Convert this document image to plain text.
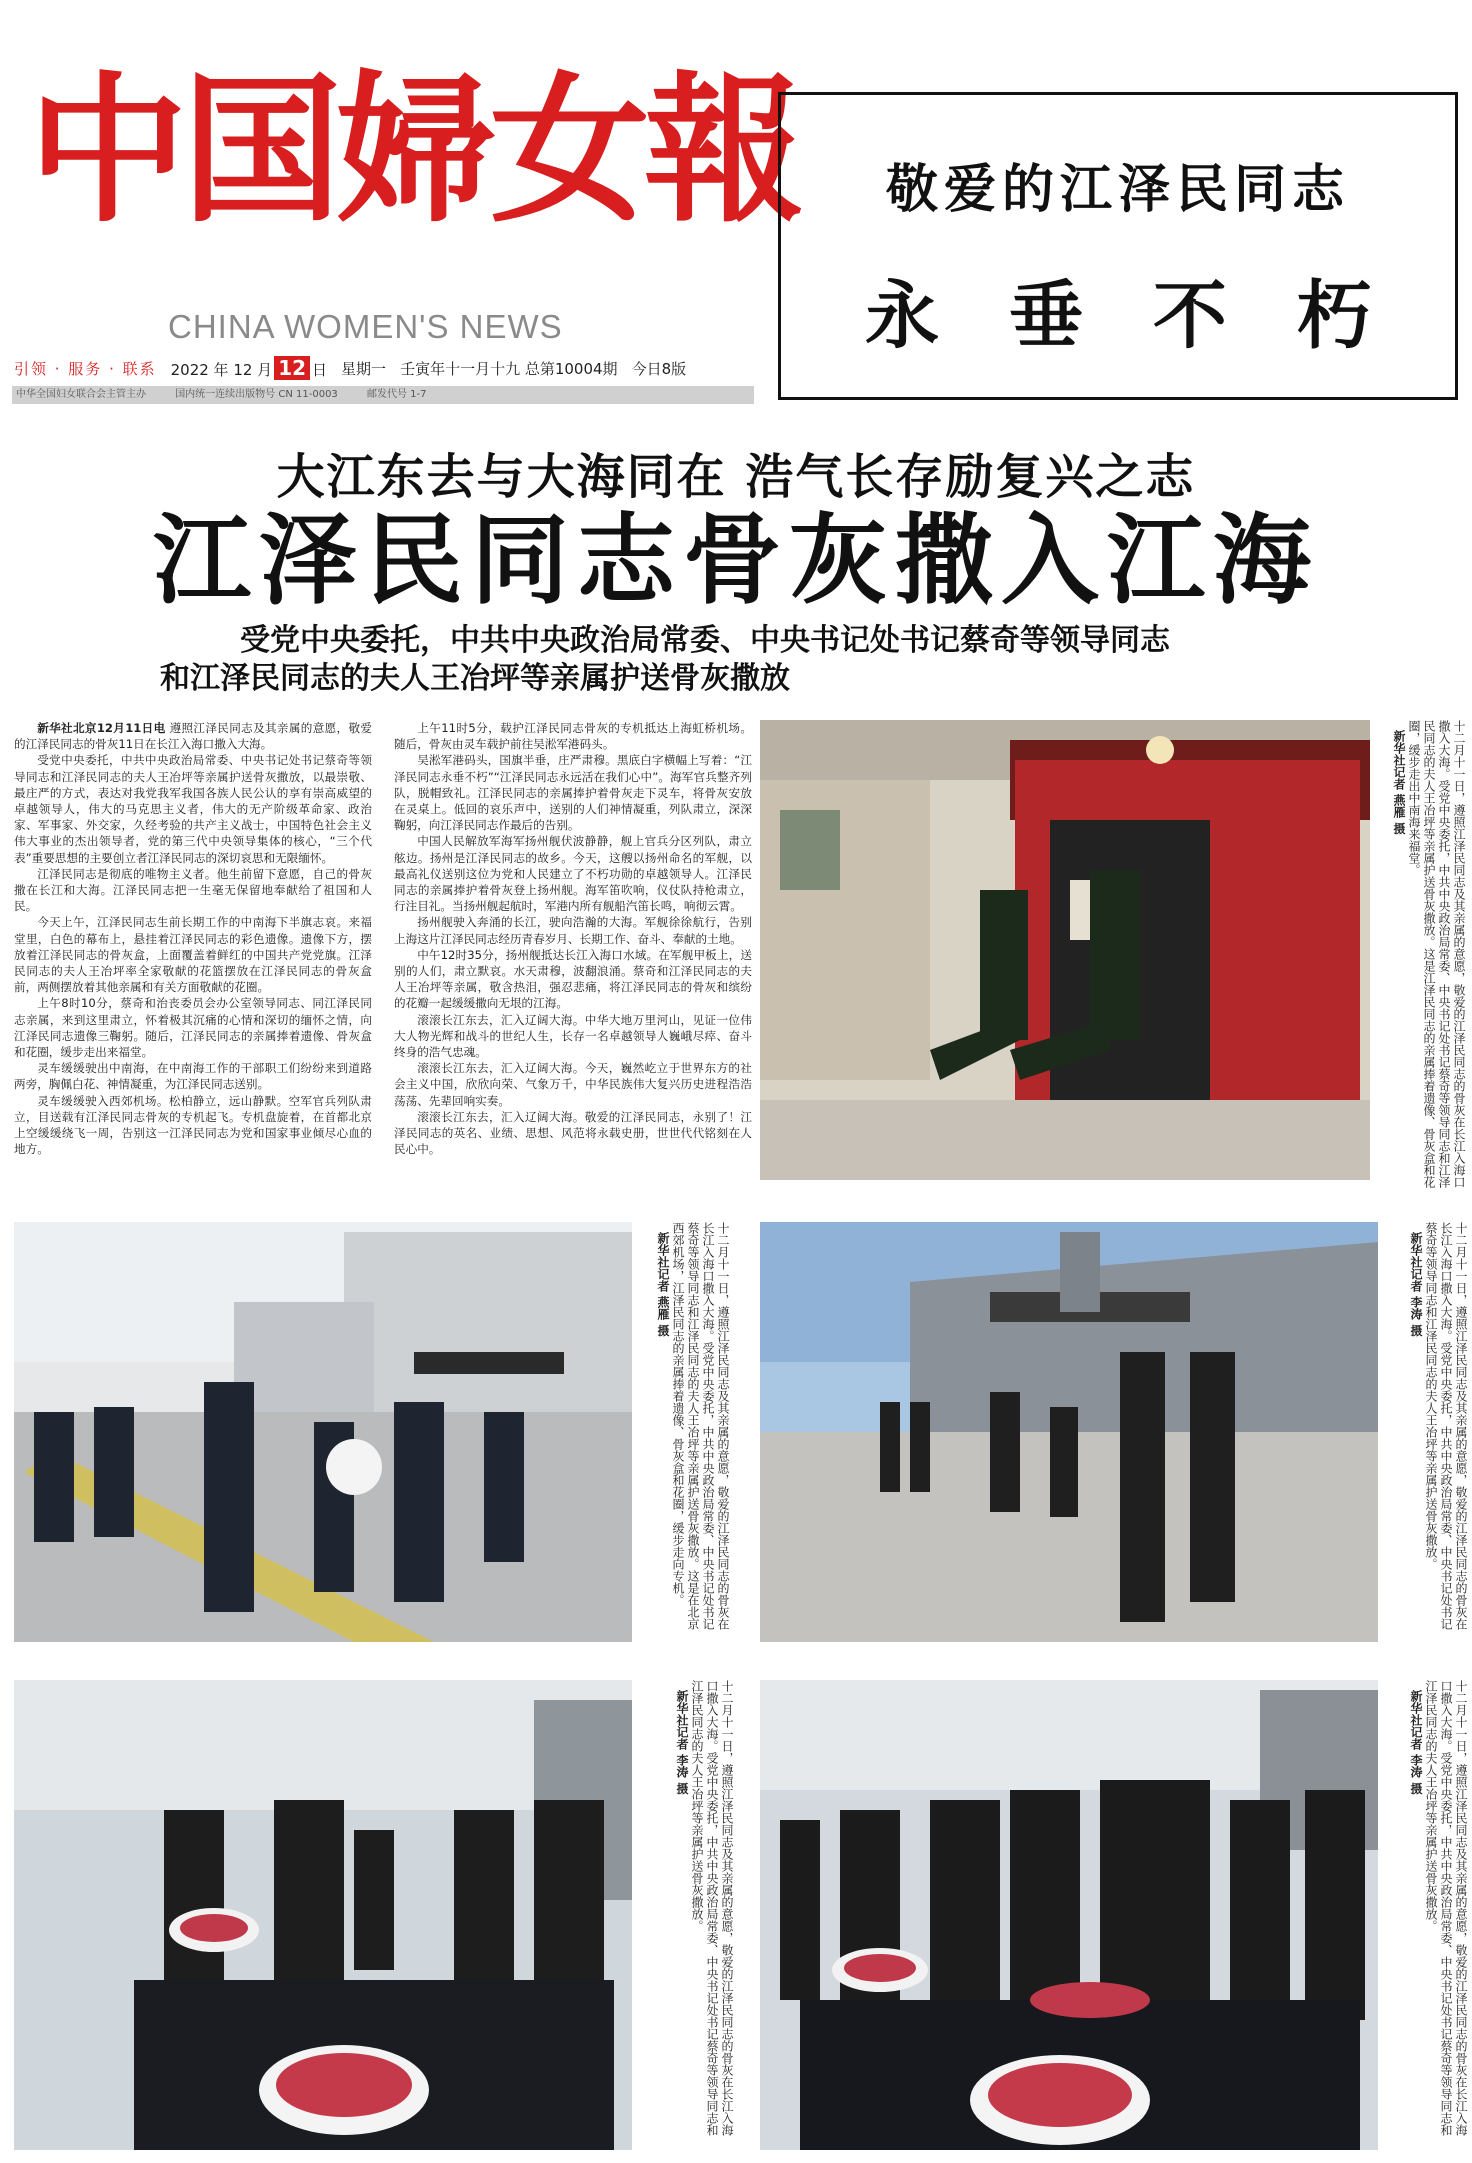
中国婦女報
CHINA WOMEN'S NEWS
引领 · 服务 · 联系 2022 年 12 月 12 日 星期一 壬寅年十一月十九 总第10004期 今日8版
中华全国妇女联合会主管主办	国内统一连续出版物号 CN 11-0003	邮发代号 1-7
敬爱的江泽民同志
永垂不朽
大江东去与大海同在 浩气长存励复兴之志
江泽民同志骨灰撒入江海
受党中央委托，中共中央政治局常委、中央书记处书记蔡奇等领导同志
和江泽民同志的夫人王冶坪等亲属护送骨灰撒放

新华社北京12月11日电 遵照江泽民同志及其亲属的意愿，敬爱的江泽民同志的骨灰11日在长江入海口撒入大海。

受党中央委托，中共中央政治局常委、中央书记处书记蔡奇等领导同志和江泽民同志的夫人王冶坪等亲属护送骨灰撒放，以最崇敬、最庄严的方式，表达对我党我军我国各族人民公认的享有崇高威望的卓越领导人，伟大的马克思主义者，伟大的无产阶级革命家、政治家、军事家、外交家，久经考验的共产主义战士，中国特色社会主义伟大事业的杰出领导者，党的第三代中央领导集体的核心，“三个代表”重要思想的主要创立者江泽民同志的深切哀思和无限缅怀。

江泽民同志是彻底的唯物主义者。他生前留下意愿，自己的骨灰撒在长江和大海。江泽民同志把一生毫无保留地奉献给了祖国和人民。

今天上午，江泽民同志生前长期工作的中南海下半旗志哀。来福堂里，白色的幕布上，悬挂着江泽民同志的彩色遗像。遗像下方，摆放着江泽民同志的骨灰盒，上面覆盖着鲜红的中国共产党党旗。江泽民同志的夫人王冶坪率全家敬献的花篮摆放在江泽民同志的骨灰盒前，两侧摆放着其他亲属和有关方面敬献的花圈。

上午8时10分，蔡奇和治丧委员会办公室领导同志、同江泽民同志亲属，来到这里肃立，怀着极其沉痛的心情和深切的缅怀之情，向江泽民同志遗像三鞠躬。随后，江泽民同志的亲属捧着遗像、骨灰盒和花圈，缓步走出来福堂。

灵车缓缓驶出中南海，在中南海工作的干部职工们纷纷来到道路两旁，胸佩白花、神情凝重，为江泽民同志送别。

灵车缓缓驶入西郊机场。松柏静立，远山静默。空军官兵列队肃立，目送载有江泽民同志骨灰的专机起飞。专机盘旋着，在首都北京上空缓缓绕飞一周，告别这一江泽民同志为党和国家事业倾尽心血的地方。

上午11时5分，载护江泽民同志骨灰的专机抵达上海虹桥机场。随后，骨灰由灵车载护前往吴淞军港码头。

吴淞军港码头，国旗半垂，庄严肃穆。黑底白字横幅上写着：“江泽民同志永垂不朽”“江泽民同志永远活在我们心中”。海军官兵整齐列队，脱帽致礼。江泽民同志的亲属捧护着骨灰走下灵车，将骨灰安放在灵桌上。低回的哀乐声中，送别的人们神情凝重，列队肃立，深深鞠躬，向江泽民同志作最后的告别。

中国人民解放军海军扬州舰伏波静静，舰上官兵分区列队，肃立舷边。扬州是江泽民同志的故乡。今天，这艘以扬州命名的军舰，以最高礼仪送别这位为党和人民建立了不朽功勋的卓越领导人。江泽民同志的亲属捧护着骨灰登上扬州舰。海军笛吹响，仪仗队持枪肃立，行注目礼。当扬州舰起航时，军港内所有舰船汽笛长鸣，响彻云霄。

扬州舰驶入奔涌的长江，驶向浩瀚的大海。军舰徐徐航行，告别上海这片江泽民同志经历青春岁月、长期工作、奋斗、奉献的土地。

中午12时35分，扬州舰抵达长江入海口水域。在军舰甲板上，送别的人们，肃立默哀。水天肃穆，波翻浪涌。蔡奇和江泽民同志的夫人王冶坪等亲属，敬含热泪，强忍悲痛，将江泽民同志的骨灰和缤纷的花瓣一起缓缓撒向无垠的江海。

滚滚长江东去，汇入辽阔大海。中华大地万里河山，见证一位伟大人物光辉和战斗的世纪人生，长存一名卓越领导人巍峨尽瘁、奋斗终身的浩气忠魂。

滚滚长江东去，汇入辽阔大海。今天，巍然屹立于世界东方的社会主义中国，欣欣向荣、气象万千，中华民族伟大复兴历史进程浩浩荡荡、先辈回响实奏。

滚滚长江东去，汇入辽阔大海。敬爱的江泽民同志，永别了！江泽民同志的英名、业绩、思想、风范将永载史册，世世代代铭刻在人民心中。	十二月十一日，遵照江泽民同志及其亲属的意愿，敬爱的江泽民同志的骨灰在长江入海口撒入大海。受党中央委托，中共中央政治局常委、中央书记处书记蔡奇等领导同志和江泽民同志的夫人王冶坪等亲属护送骨灰撒放。这是江泽民同志的亲属捧着遗像、骨灰盒和花圈，缓步走出中南海来福堂。
新华社记者 燕雁 摄
十二月十一日，遵照江泽民同志及其亲属的意愿，敬爱的江泽民同志的骨灰在长江入海口撒入大海。受党中央委托，中共中央政治局常委、中央书记处书记蔡奇等领导同志和江泽民同志的夫人王冶坪等亲属护送骨灰撒放。这是在北京西郊机场，江泽民同志的亲属捧着遗像、骨灰盒和花圈，缓步走向专机。
新华社记者 燕雁 摄	十二月十一日，遵照江泽民同志及其亲属的意愿，敬爱的江泽民同志的骨灰在长江入海口撒入大海。受党中央委托，中共中央政治局常委、中央书记处书记蔡奇等领导同志和江泽民同志的夫人王冶坪等亲属护送骨灰撒放。
新华社记者 李涛 摄
十二月十一日，遵照江泽民同志及其亲属的意愿，敬爱的江泽民同志的骨灰在长江入海口撒入大海。受党中央委托，中共中央政治局常委、中央书记处书记蔡奇等领导同志和江泽民同志的夫人王冶坪等亲属护送骨灰撒放。
新华社记者 李涛 摄	十二月十一日，遵照江泽民同志及其亲属的意愿，敬爱的江泽民同志的骨灰在长江入海口撒入大海。受党中央委托，中共中央政治局常委、中央书记处书记蔡奇等领导同志和江泽民同志的夫人王冶坪等亲属护送骨灰撒放。
新华社记者 李涛 摄
